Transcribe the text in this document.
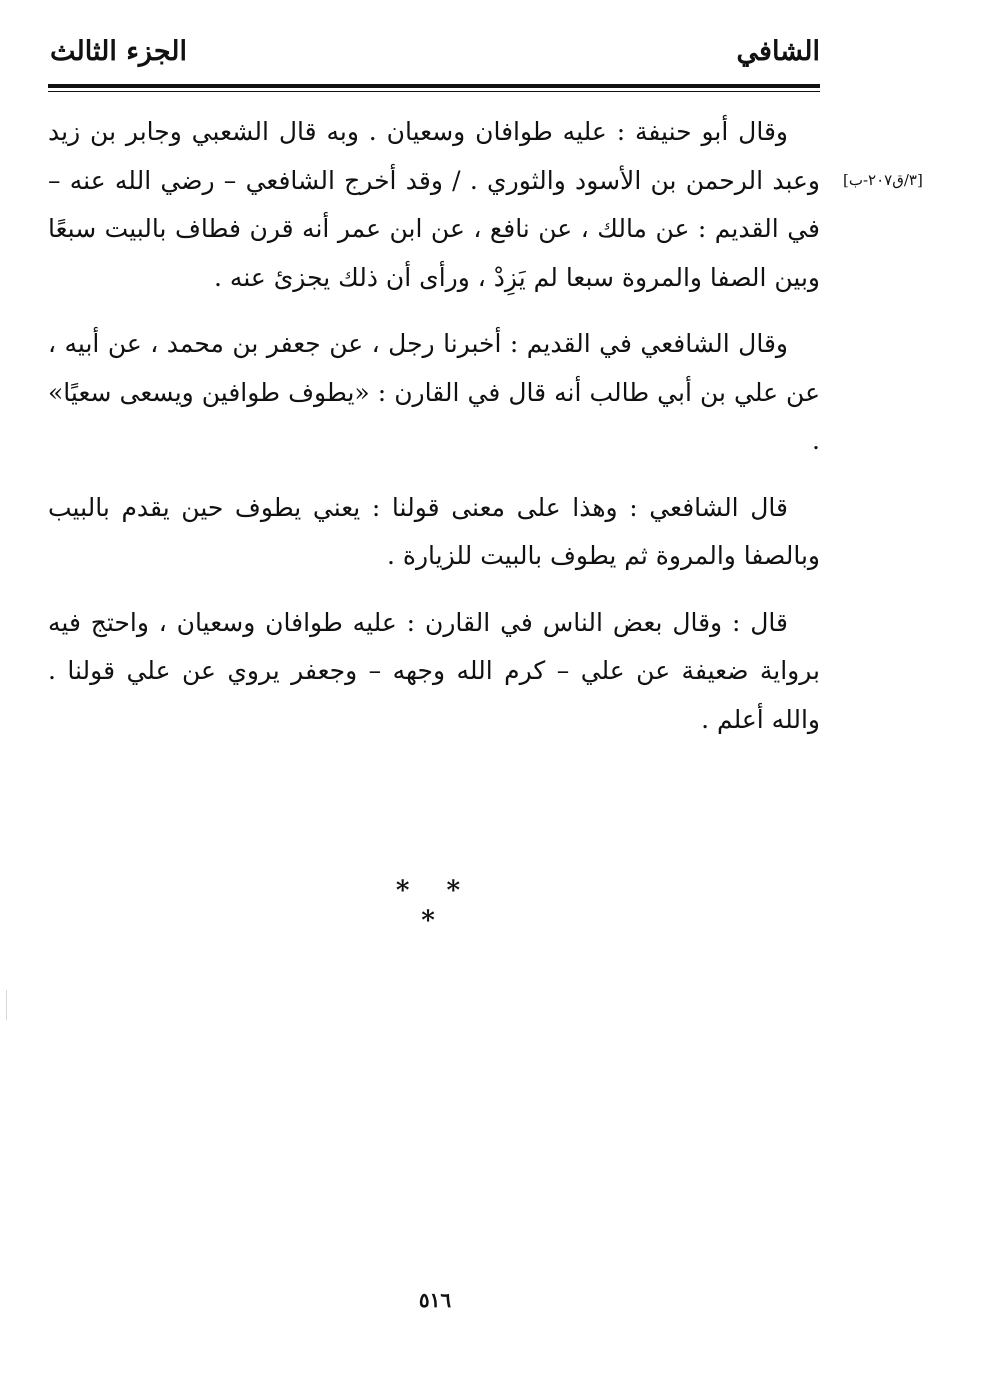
الشافي
الجزء الثالث
[٣/ق٢٠٧-ب]

وقال أبو حنيفة : عليه طوافان وسعيان . وبه قال الشعبي وجابر بن زيد وعبد الرحمن بن الأسود والثوري . / وقد أخرج الشافعي – رضي الله عنه – في القديم : عن مالك ، عن نافع ، عن ابن عمر أنه قرن فطاف بالبيت سبعًا وبين الصفا والمروة سبعا لم يَزِدْ ، ورأى أن ذلك يجزئ عنه .

وقال الشافعي في القديم : أخبرنا رجل ، عن جعفر بن محمد ، عن أبيه ، عن علي بن أبي طالب أنه قال في القارن : «يطوف طوافين ويسعى سعيًا» .

قال الشافعي : وهذا على معنى قولنا : يعني يطوف حين يقدم بالبيب وبالصفا والمروة ثم يطوف بالبيت للزيارة .

قال : وقال بعض الناس في القارن : عليه طوافان وسعيان ، واحتج فيه برواية ضعيفة عن علي – كرم الله وجهه – وجعفر يروي عن علي قولنا . والله أعلم .

* * *
٥١٦
